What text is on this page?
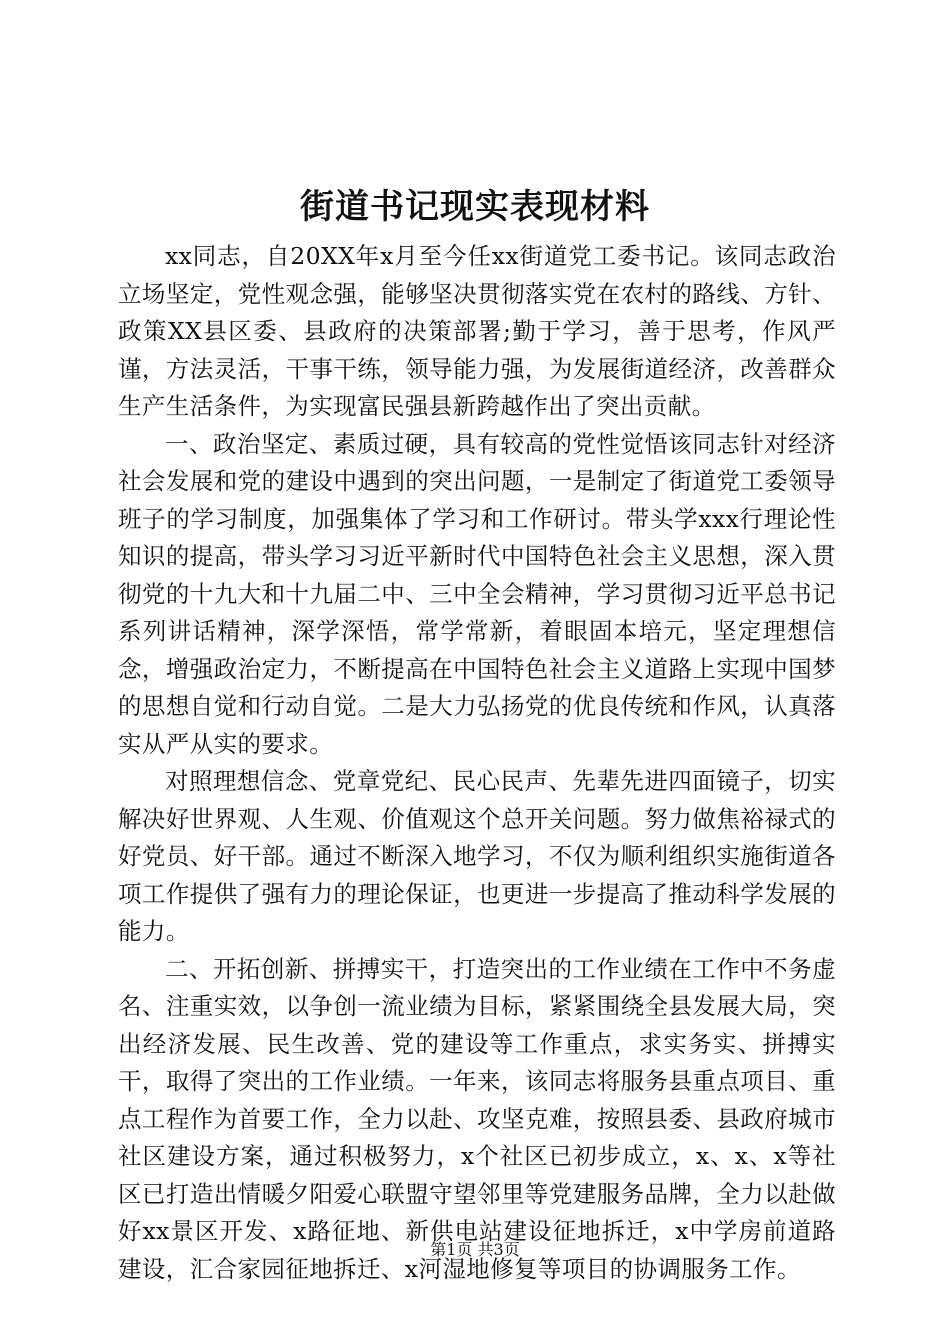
街道书记现实表现材料

xx同志，自20XX年x月至今任xx街道党工委书记。该同志政治立场坚定，党性观念强，能够坚决贯彻落实党在农村的路线、方针、政策XX县区委、县政府的决策部署;勤于学习，善于思考，作风严谨，方法灵活，干事干练，领导能力强，为发展街道经济，改善群众生产生活条件，为实现富民强县新跨越作出了突出贡献。

一、政治坚定、素质过硬，具有较高的党性觉悟该同志针对经济社会发展和党的建设中遇到的突出问题，一是制定了街道党工委领导班子的学习制度，加强集体了学习和工作研讨。带头学xxx行理论性知识的提高，带头学习习近平新时代中国特色社会主义思想，深入贯彻党的十九大和十九届二中、三中全会精神，学习贯彻习近平总书记系列讲话精神，深学深悟，常学常新，着眼固本培元，坚定理想信念，增强政治定力，不断提高在中国特色社会主义道路上实现中国梦的思想自觉和行动自觉。二是大力弘扬党的优良传统和作风，认真落实从严从实的要求。

对照理想信念、党章党纪、民心民声、先辈先进四面镜子，切实解决好世界观、人生观、价值观这个总开关问题。努力做焦裕禄式的好党员、好干部。通过不断深入地学习，不仅为顺利组织实施街道各项工作提供了强有力的理论保证，也更进一步提高了推动科学发展的能力。

二、开拓创新、拼搏实干，打造突出的工作业绩在工作中不务虚名、注重实效，以争创一流业绩为目标，紧紧围绕全县发展大局，突出经济发展、民生改善、党的建设等工作重点，求实务实、拼搏实干，取得了突出的工作业绩。一年来，该同志将服务县重点项目、重点工程作为首要工作，全力以赴、攻坚克难，按照县委、县政府城市社区建设方案，通过积极努力，x个社区已初步成立，x、x、x等社区已打造出情暖夕阳爱心联盟守望邻里等党建服务品牌，全力以赴做好xx景区开发、x路征地、新供电站建设征地拆迁，x中学房前道路建设，汇合家园征地拆迁、x河湿地修复等项目的协调服务工作。

第1页 共3页
